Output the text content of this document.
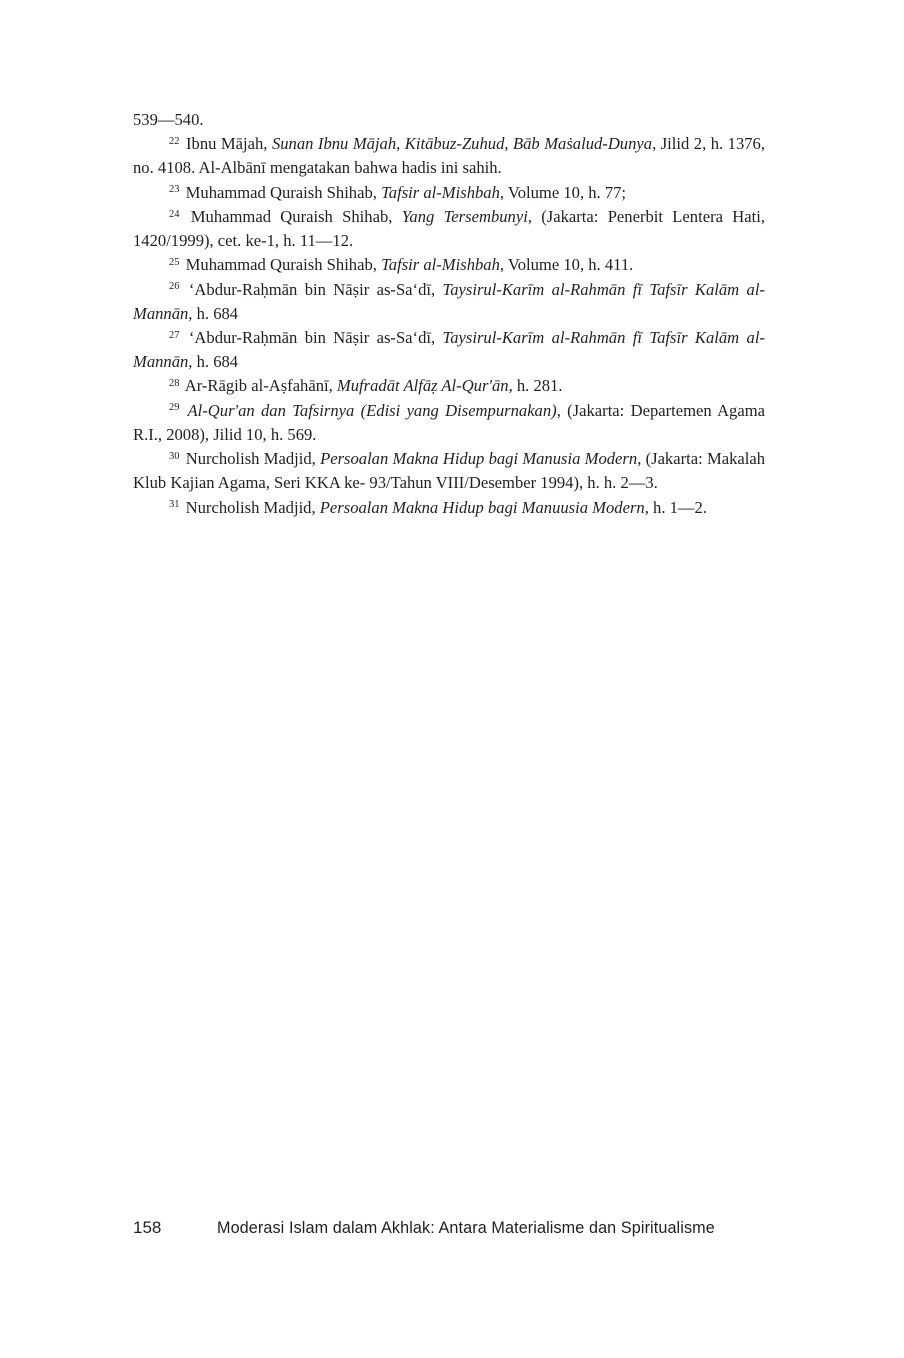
539—540.

$^{22}$ Ibnu Mājah, Sunan Ibnu Mājah, Kitābuz-Zuhud, Bāb Maṡalud-Dunya, Jilid 2, h. 1376, no. 4108. Al-Albānī mengatakan bahwa hadis ini sahih.

$^{23}$ Muhammad Quraish Shihab, Tafsir al-Mishbah, Volume 10, h. 77;

$^{24}$ Muhammad Quraish Shihab, Yang Tersembunyi, (Jakarta: Penerbit Lentera Hati, 1420/1999), cet. ke-1, h. 11—12.

$^{25}$ Muhammad Quraish Shihab, Tafsir al-Mishbah, Volume 10, h. 411.

$^{26}$ ‘Abdur-Raḥmān bin Nāṣir as-Sa‘dī, Taysirul-Karīm al-Rahmān fī Tafsīr Kalām al-Mannān, h. 684

$^{27}$ ‘Abdur-Raḥmān bin Nāṣir as-Sa‘dī, Taysirul-Karīm al-Rahmān fī Tafsīr Kalām al-Mannān, h. 684

$^{28}$ Ar-Rāgib al-Aṣfahānī, Mufradāt Alfāẓ Al-Qur'ān, h. 281.

$^{29}$ Al-Qur'an dan Tafsirnya (Edisi yang Disempurnakan), (Jakarta: Departemen Agama R.I., 2008), Jilid 10, h. 569.

$^{30}$ Nurcholish Madjid, Persoalan Makna Hidup bagi Manusia Modern, (Jakarta: Makalah Klub Kajian Agama, Seri KKA ke- 93/Tahun VIII/Desember 1994), h. h. 2—3.

$^{31}$ Nurcholish Madjid, Persoalan Makna Hidup bagi Manuusia Modern, h. 1—2.

158	Moderasi Islam dalam Akhlak: Antara Materialisme dan Spiritualisme
